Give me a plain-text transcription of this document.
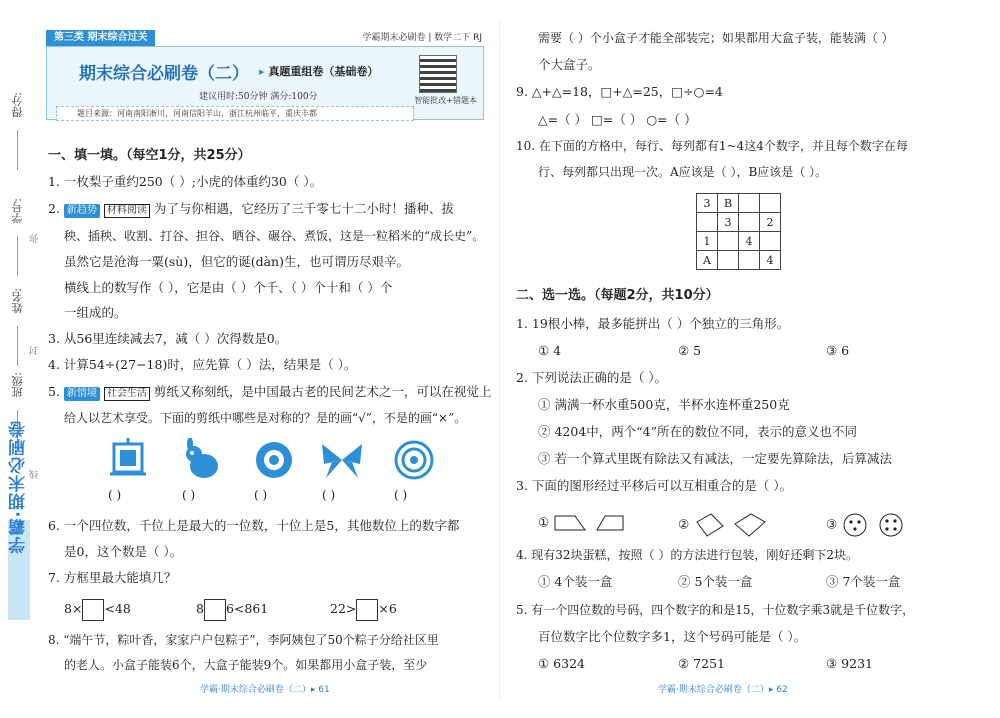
得分:
学号:
姓名:
班级:
弥
封
线
学霸·期末必刷卷
第三类 期末综合过关	学霸期末必刷卷 | 数学二下 RJ
期末综合必刷卷（二）	▸ 真题重组卷（基础卷）
建议用时:50分钟 满分:100分	智能批改+错题本
题目来源：河南南阳淅川，河南信阳羊山，浙江杭州临平，重庆丰都
一、填一填。（每空1分，共25分）
1. 一枚梨子重约250（ ）;小虎的体重约30（ ）。
2. 新趋势 材料阅读 为了与你相遇，它经历了三千零七十二小时！播种、拔
秧、插秧、收割、打谷、担谷、晒谷、碾谷、煮饭，这是一粒稻米的“成长史”。
虽然它是沧海一粟(sù)，但它的诞(dàn)生，也可谓历尽艰辛。
横线上的数写作（ ），它是由（ ）个千、（ ）个十和（ ）个
一组成的。
3. 从56里连续减去7，减（ ）次得数是0。
4. 计算54÷(27−18)时，应先算（ ）法，结果是（ ）。
5. 新情境 社会生活 剪纸又称刻纸，是中国最古老的民间艺术之一，可以在视觉上
给人以艺术享受。下面的剪纸中哪些是对称的？是的画“√”，不是的画“×”。
( )	( )	( )	( )	( )
6. 一个四位数，千位上是最大的一位数，十位上是5，其他数位上的数字都
是0，这个数是（ ）。
7. 方框里最大能填几？
8× <48	8 6<861	22> ×6
8. “端午节，粽叶香，家家户户包粽子”，李阿姨包了50个粽子分给社区里
的老人。小盒子能装6个，大盒子能装9个。如果都用小盒子装，至少
学霸·期末综合必刷卷（二）▸ 61
需要（ ）个小盒子才能全部装完；如果都用大盒子装，能装满（ ）
个大盒子。
9. △+△=18，□+△=25，□÷○=4
△=（ ） □=（ ） ○=（ ）
10. 在下面的方格中，每行、每列都有1~4这4个数字，并且每个数字在每
行、每列都只出现一次。A应该是（ ），B应该是（ ）。
二、选一选。（每题2分，共10分）
1. 19根小棒，最多能拼出（ ）个独立的三角形。
① 4	② 5	③ 6
2. 下列说法正确的是（ ）。
① 满满一杯水重500克，半杯水连杯重250克
② 4204中，两个“4”所在的数位不同，表示的意义也不同
③ 若一个算式里既有除法又有减法，一定要先算除法，后算减法
3. 下面的图形经过平移后可以互相重合的是（ ）。
①	②	③
4. 现有32块蛋糕，按照（ ）的方法进行包装，刚好还剩下2块。
① 4个装一盒	② 5个装一盒	③ 7个装一盒
5. 有一个四位数的号码，四个数字的和是15，十位数字乘3就是千位数字，
百位数字比个位数字多1，这个号码可能是（ ）。
① 6324	② 7251	③ 9231
学霸·期末综合必刷卷（二）▸ 62
3	B		
	3		2
1		4	
A			4
